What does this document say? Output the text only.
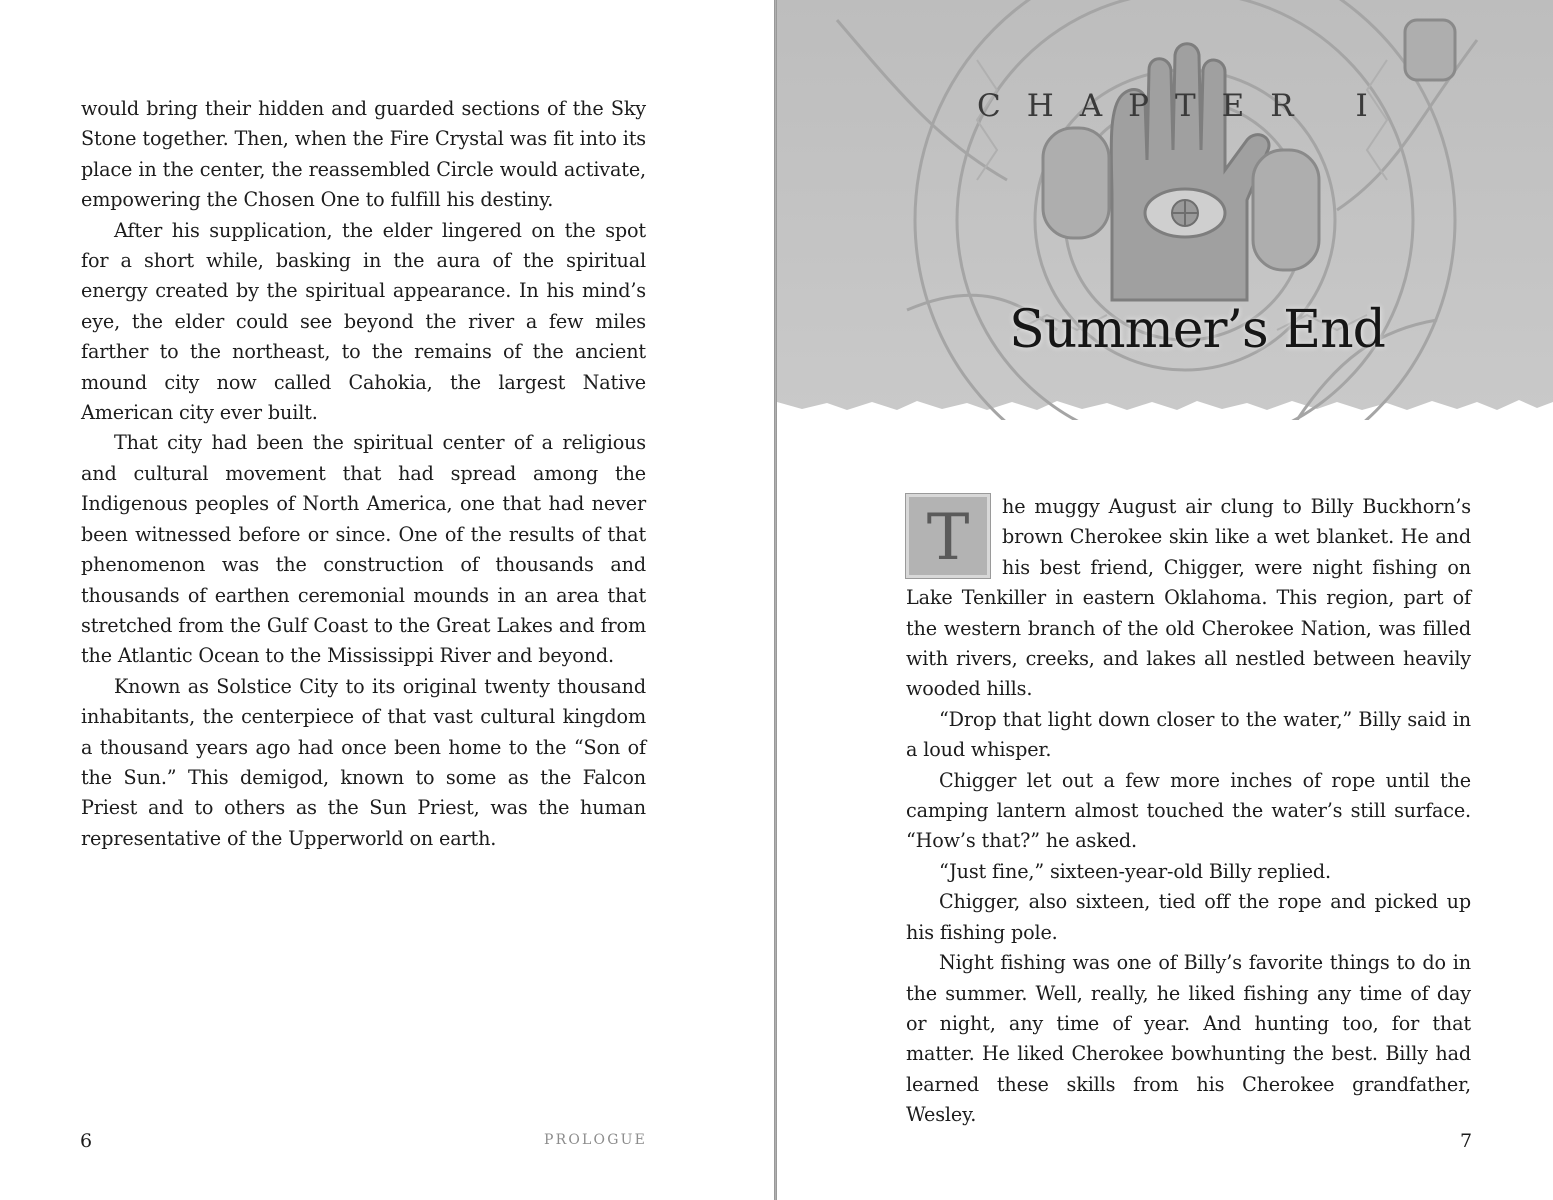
would bring their hidden and guarded sections of the Sky Stone together. Then, when the Fire Crystal was fit into its place in the center, the reassembled Circle would activate, empowering the Chosen One to fulfill his destiny.

After his supplication, the elder lingered on the spot for a short while, basking in the aura of the spiritual energy created by the spiritual appearance. In his mind’s eye, the elder could see beyond the river a few miles farther to the northeast, to the remains of the ancient mound city now called Cahokia, the largest Native American city ever built.

That city had been the spiritual center of a religious and cultural movement that had spread among the Indigenous peoples of North America, one that had never been witnessed before or since. One of the results of that phenomenon was the construction of thousands and thousands of earthen ceremonial mounds in an area that stretched from the Gulf Coast to the Great Lakes and from the Atlantic Ocean to the Mississippi River and beyond.

Known as Solstice City to its original twenty thousand inhabitants, the centerpiece of that vast cultural kingdom a thousand years ago had once been home to the “Son of the Sun.” This demigod, known to some as the Falcon Priest and to others as the Sun Priest, was the human representative of the Upperworld on earth.

6	PROLOGUE
CHAPTER I
Summer’s End
T	he muggy August air clung to Billy Buckhorn’s brown Cherokee skin like a wet blanket. He and his best friend, Chigger, were night fishing on Lake Tenkiller in eastern Oklahoma. This region, part of the western branch of the old Cherokee Nation, was filled with rivers, creeks, and lakes all nestled between heavily wooded hills.

“Drop that light down closer to the water,” Billy said in a loud whisper.

Chigger let out a few more inches of rope until the camping lantern almost touched the water’s still surface. “How’s that?” he asked.

“Just fine,” sixteen-year-old Billy replied.

Chigger, also sixteen, tied off the rope and picked up his fishing pole.

Night fishing was one of Billy’s favorite things to do in the summer. Well, really, he liked fishing any time of day or night, any time of year. And hunting too, for that matter. He liked Cherokee bowhunting the best. Billy had learned these skills from his Cherokee grandfather, Wesley.

7
